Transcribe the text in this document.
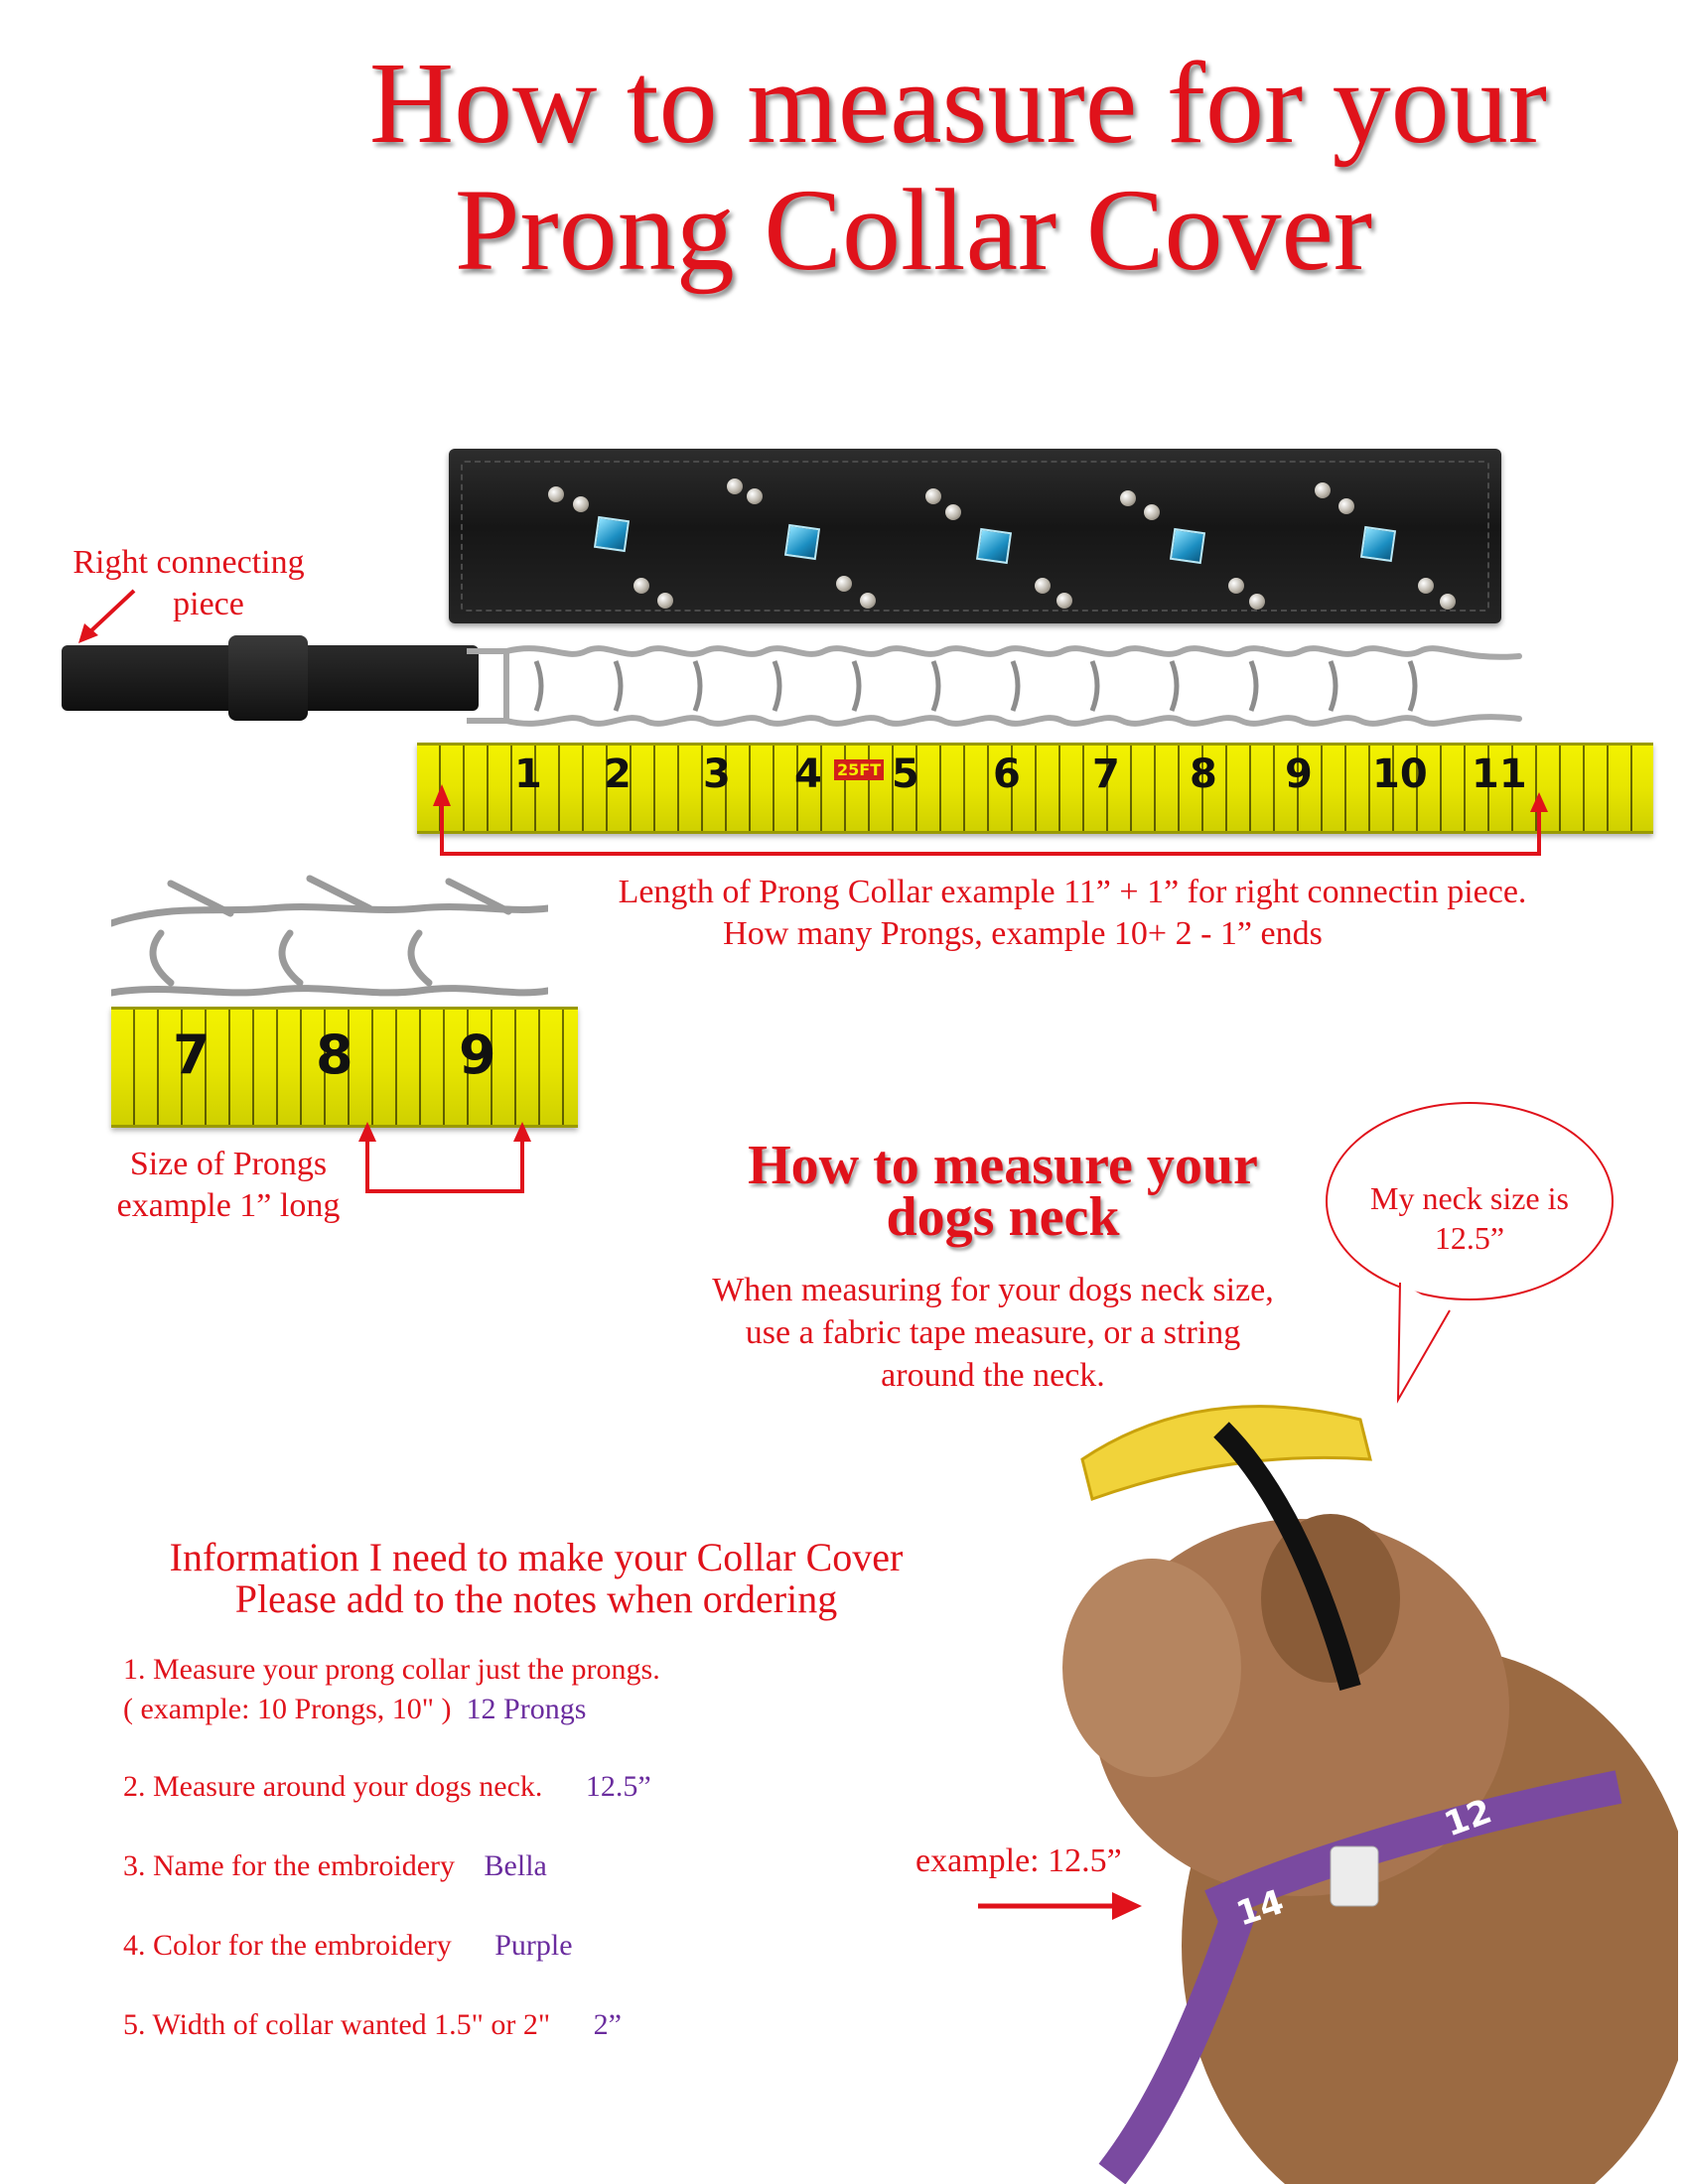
How to measure for your
Prong Collar Cover
Right connecting
piece
1 2 3 4 25FT 5 6 7 8 9 10 11
Length of Prong Collar example 11” + 1” for right connectin piece.
How many Prongs, example 10+ 2 - 1” ends
7 8 9
Size of Prongs
example 1” long
How to measure your
dogs neck
When measuring for your dogs neck size,
use a fabric tape measure, or a string
around the neck.
My neck size is
12.5”
14
12
example: 12.5”
Information I need to make your Collar Cover
Please add to the notes when ordering
1. Measure your prong collar just the prongs.
( example: 10 Prongs, 10" ) 12 Prongs
2. Measure around your dogs neck. 12.5”
3. Name for the embroidery Bella
4. Color for the embroidery Purple
5. Width of collar wanted 1.5" or 2" 2”
